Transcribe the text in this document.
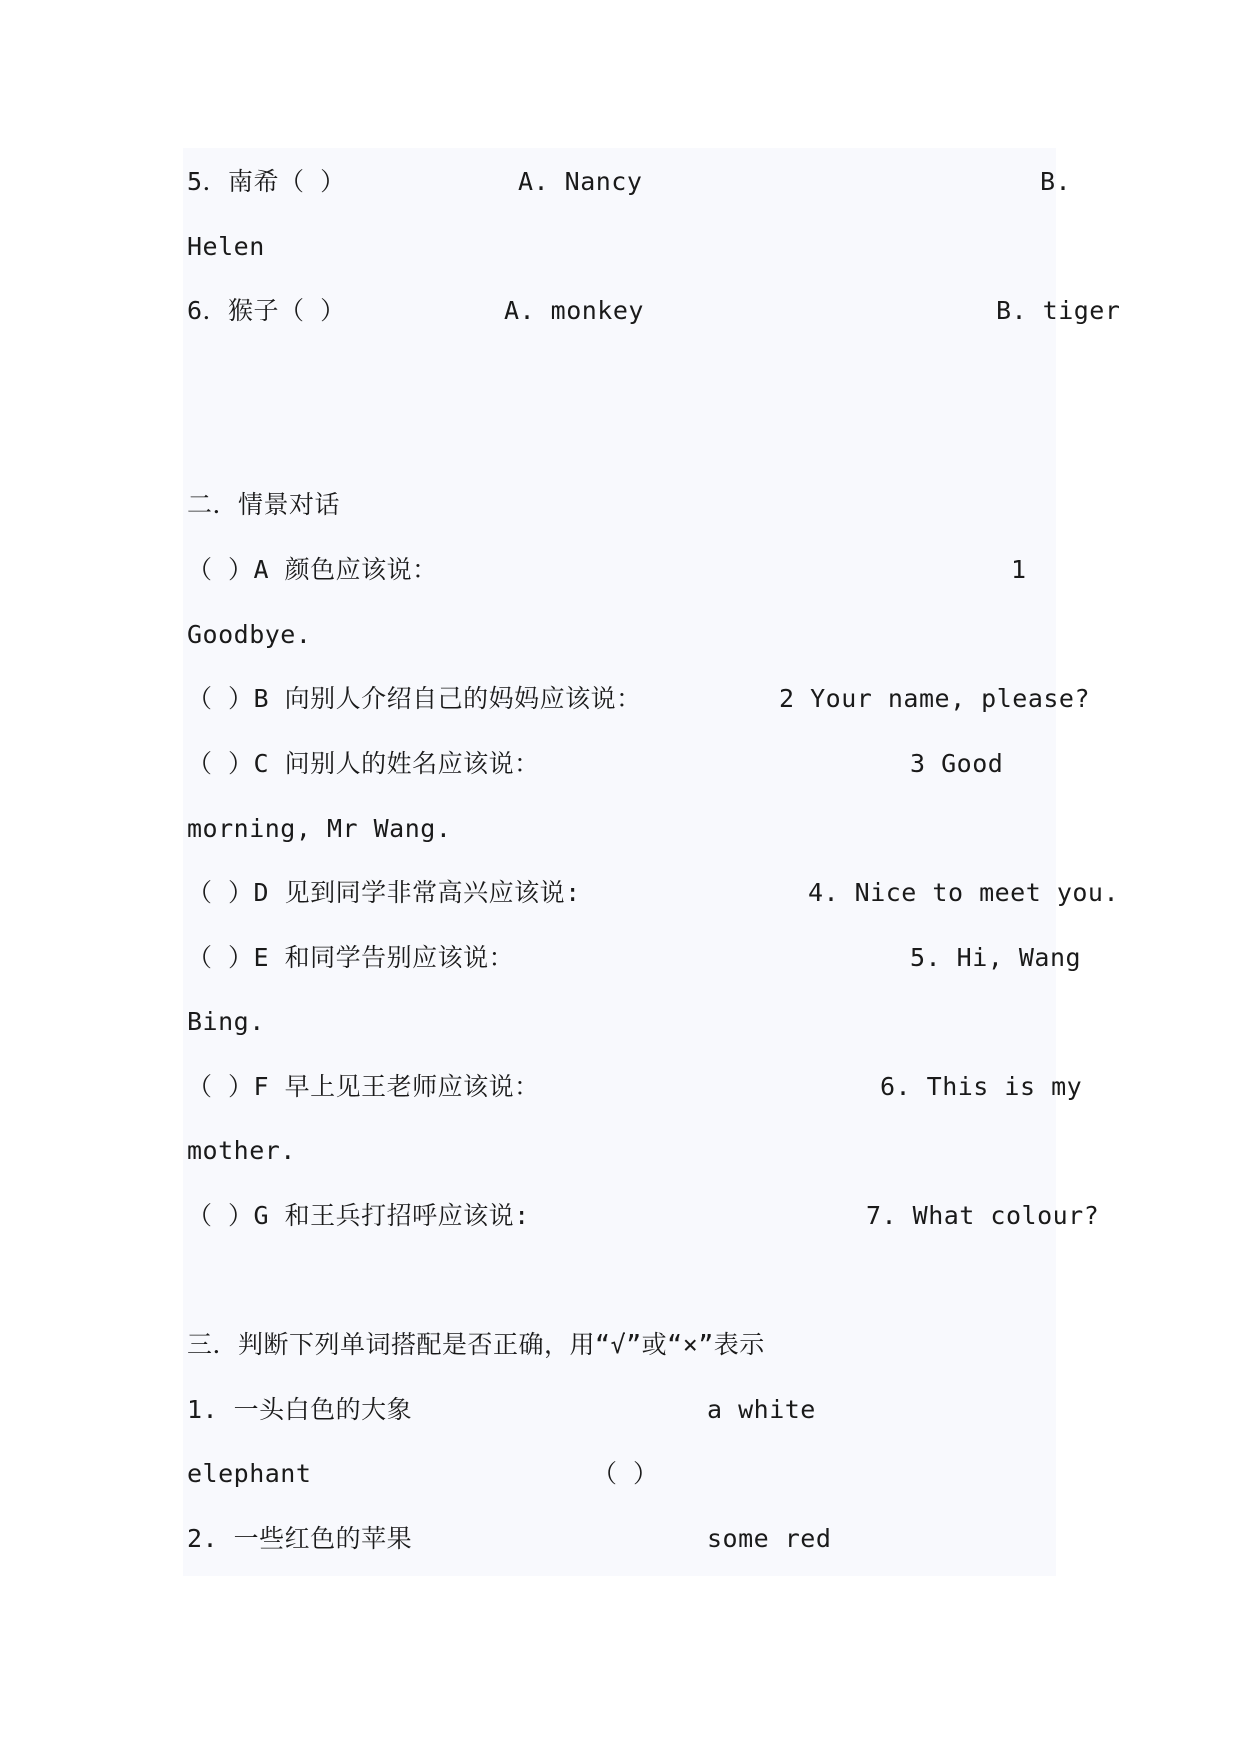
5．南希（ ）	A. Nancy	B.
Helen
6．猴子（ ）	A. monkey	B. tiger
二．情景对话
（ ）A 颜色应该说：	1
Goodbye.
（ ）B 向别人介绍自己的妈妈应该说：	2 Your name, please?
（ ）C 问别人的姓名应该说：	3 Good
morning, Mr Wang.
（ ）D 见到同学非常高兴应该说:	4. Nice to meet you.
（ ）E 和同学告别应该说：	5. Hi, Wang
Bing.
（ ）F 早上见王老师应该说：	6. This is my
mother.
（ ）G 和王兵打招呼应该说:	7. What colour?
三．判断下列单词搭配是否正确，用“√”或“×”表示
1. 一头白色的大象	a white
elephant	（ ）
2. 一些红色的苹果	some red
